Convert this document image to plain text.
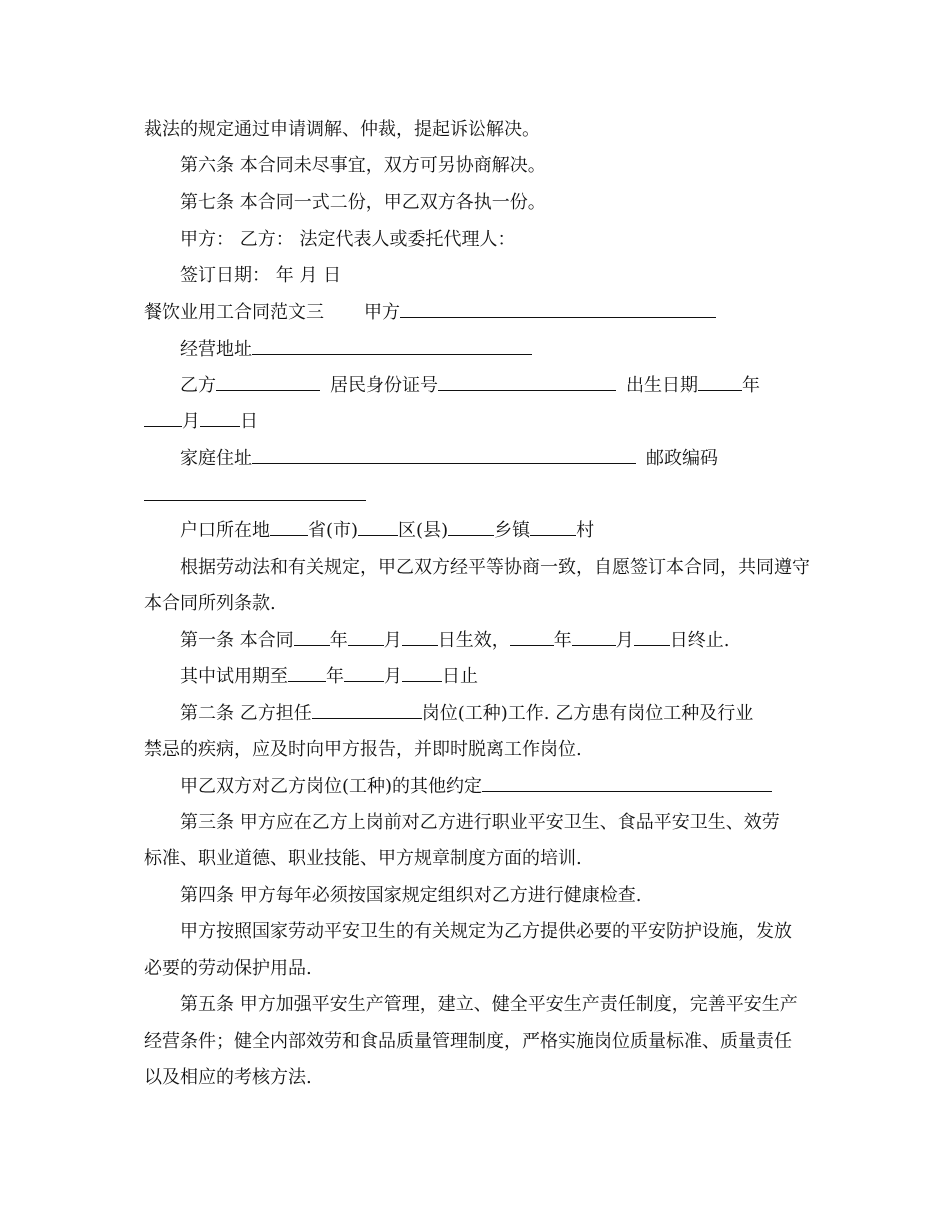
裁法的规定通过申请调解、仲裁，提起诉讼解决。
第六条 本合同未尽事宜，双方可另协商解决。
第七条 本合同一式二份，甲乙双方各执一份。
甲方： 乙方： 法定代表人或委托代理人：
签订日期： 年 月 日
餐饮业用工合同范文三 甲方
经营地址
乙方	居民身份证号	出生日期 年
月 日
家庭住址	邮政编码
户口所在地 省(市) 区(县)	乡镇	村
根据劳动法和有关规定，甲乙双方经平等协商一致，自愿签订本合同，共同遵守
本合同所列条款.
第一条 本合同 年 月 日生效， 年 月 日终止.
其中试用期至 年 月 日止
第二条 乙方担任	岗位(工种)工作. 乙方患有岗位工种及行业
禁忌的疾病，应及时向甲方报告，并即时脱离工作岗位.
甲乙双方对乙方岗位(工种)的其他约定
第三条 甲方应在乙方上岗前对乙方进行职业平安卫生、食品平安卫生、效劳
标准、职业道德、职业技能、甲方规章制度方面的培训.
第四条 甲方每年必须按国家规定组织对乙方进行健康检查.
甲方按照国家劳动平安卫生的有关规定为乙方提供必要的平安防护设施，发放
必要的劳动保护用品.
第五条 甲方加强平安生产管理，建立、健全平安生产责任制度，完善平安生产
经营条件；健全内部效劳和食品质量管理制度，严格实施岗位质量标准、质量责任
以及相应的考核方法.
